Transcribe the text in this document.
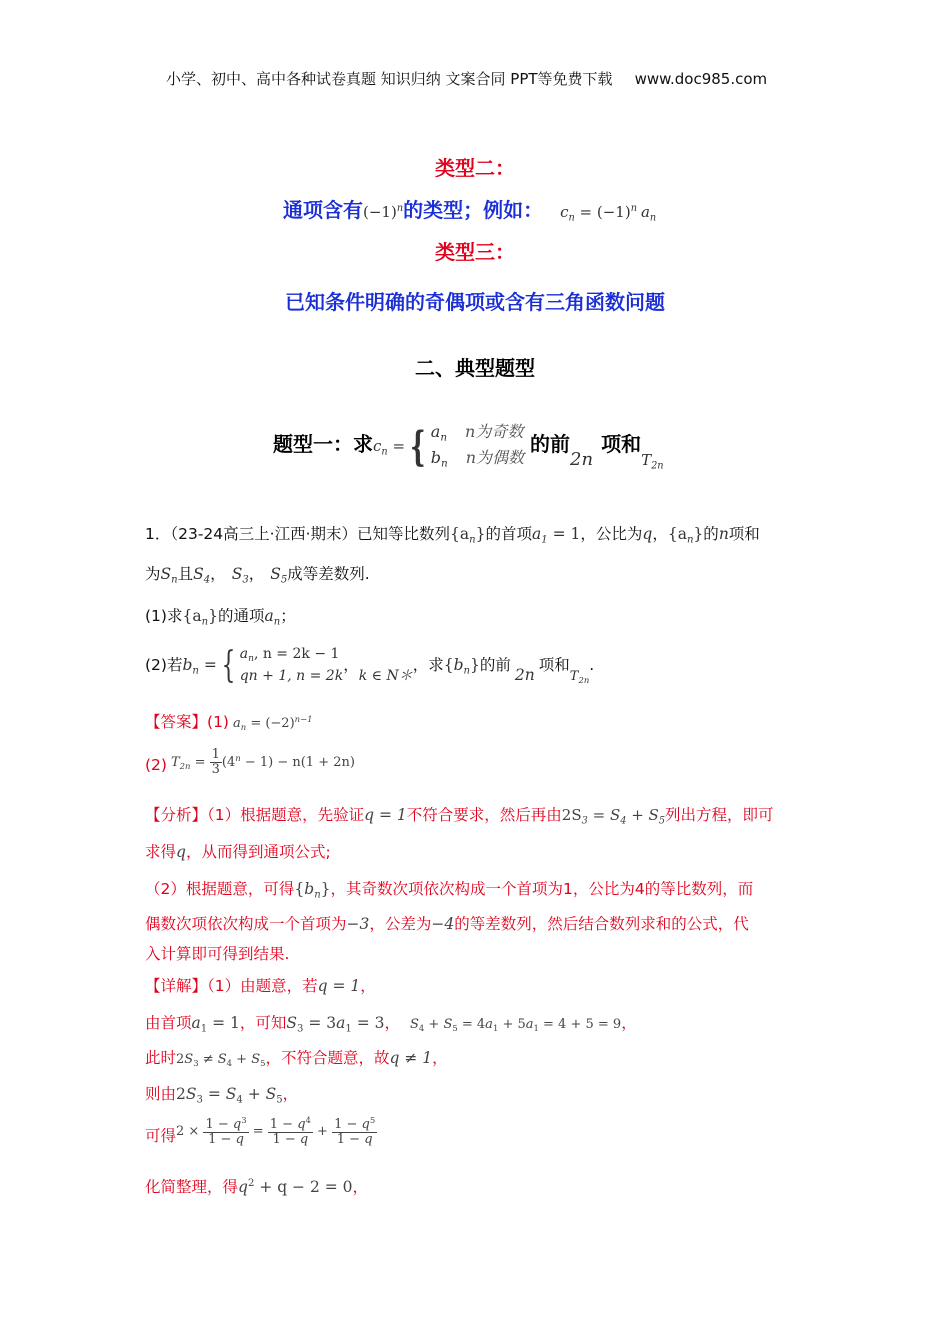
小学、初中、高中各种试卷真题 知识归纳 文案合同 PPT等免费下载 www.doc985.com
类型二：
通项含有$(-1)^n$的类型；例如： $c_n = (-1)^n$ $a_n$
类型三：
已知条件明确的奇偶项或含有三角函数问题
二、典型题型
题型一：求$c_n$ = { $a_n$ n为奇数
$b_n$ n为偶数
的前2n项和$_{T_{2n}}$
1．（23-24高三上·江西·期末）已知等比数列$\{a_n\}$的首项$a_1 = 1$，公比为q，$\{a_n\}$的n项和
为$S_n$且$S_4$， $S_3$， $S_5$成等差数列.
(1)求$\{a_n\}$的通项$a_n$；
(2)若$b_n$ = { $a_n$, n = 2k − 1
qn + 1, n = 2k
，k ∈ N＊，求$\{b_n\}$的前2n项和$_{T_{2n}}$.
【答案】(1) $a_n = (-2)^{n-1}$
(2) $T_{2n} = \frac{1}{3} (4^n - 1) - n(1 + 2n)$
【分析】（1）根据题意，先验证q = 1不符合要求，然后再由$2S_3 = S_4 + S_5$列出方程，即可
求得q，从而得到通项公式;
（2）根据题意，可得$\{b_n\}$，其奇数次项依次构成一个首项为1，公比为4的等比数列，而
偶数次项依次构成一个首项为−3，公差为−4的等差数列，然后结合数列求和的公式，代
入计算即可得到结果.
【详解】（1）由题意，若q = 1，
由首项$a_1 = 1$，可知$S_3 = 3a_1 = 3$， $S_4 + S_5 = 4a_1 + 5a_1 = 4 + 5 = 9$，
此时$2S_3 \ne S_4 + S_5$，不符合题意，故q ≠ 1，
则由$2S_3 = S_4 + S_5$，
可得$2 \times \frac{1 - q^3}{1 - q} = \frac{1 - q^4}{1 - q} + \frac{1 - q^5}{1 - q}$
化简整理，得$q^2 + q - 2 = 0$，
